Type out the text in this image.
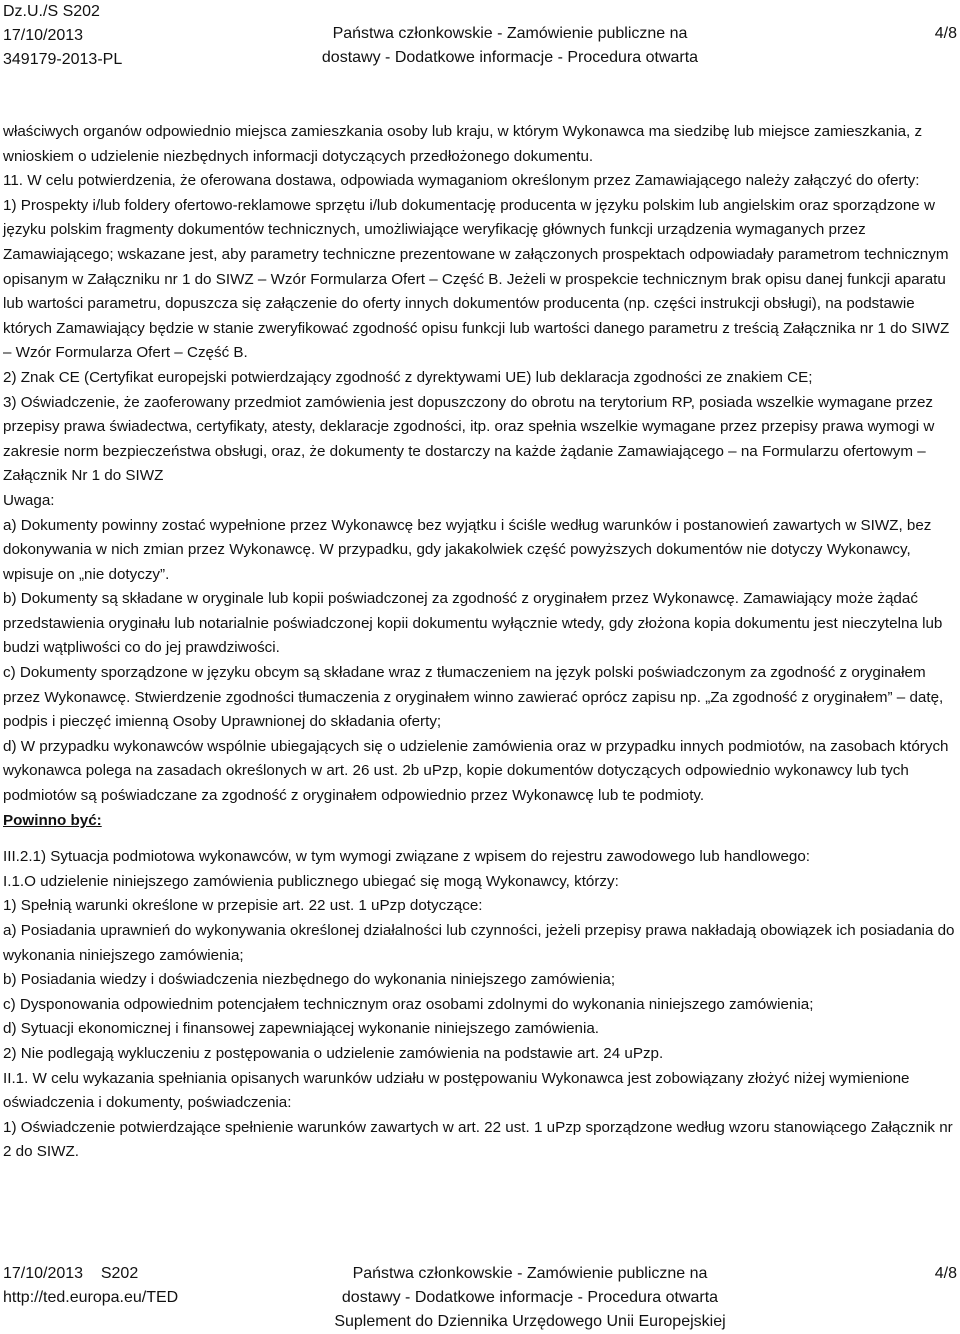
Dz.U./S S202
17/10/2013
349179-2013-PL
Państwa członkowskie - Zamówienie publiczne na
dostawy - Dodatkowe informacje - Procedura otwarta
4/8

właściwych organów odpowiednio miejsca zamieszkania osoby lub kraju, w którym Wykonawca ma siedzibę lub miejsce zamieszkania, z wnioskiem o udzielenie niezbędnych informacji dotyczących przedłożonego dokumentu.

11. W celu potwierdzenia, że oferowana dostawa, odpowiada wymaganiom określonym przez Zamawiającego należy załączyć do oferty:

1) Prospekty i/lub foldery ofertowo-reklamowe sprzętu i/lub dokumentację producenta w języku polskim lub angielskim oraz sporządzone w języku polskim fragmenty dokumentów technicznych, umożliwiające weryfikację głównych funkcji urządzenia wymaganych przez Zamawiającego; wskazane jest, aby parametry techniczne prezentowane w załączonych prospektach odpowiadały parametrom technicznym opisanym w Załączniku nr 1 do SIWZ – Wzór Formularza Ofert – Część B. Jeżeli w prospekcie technicznym brak opisu danej funkcji aparatu lub wartości parametru, dopuszcza się załączenie do oferty innych dokumentów producenta (np. części instrukcji obsługi), na podstawie których Zamawiający będzie w stanie zweryfikować zgodność opisu funkcji lub wartości danego parametru z treścią Załącznika nr 1 do SIWZ – Wzór Formularza Ofert – Część B.

2) Znak CE (Certyfikat europejski potwierdzający zgodność z dyrektywami UE) lub deklaracja zgodności ze znakiem CE;

3) Oświadczenie, że zaoferowany przedmiot zamówienia jest dopuszczony do obrotu na terytorium RP, posiada wszelkie wymagane przez przepisy prawa świadectwa, certyfikaty, atesty, deklaracje zgodności, itp. oraz spełnia wszelkie wymagane przez przepisy prawa wymogi w zakresie norm bezpieczeństwa obsługi, oraz, że dokumenty te dostarczy na każde żądanie Zamawiającego – na Formularzu ofertowym – Załącznik Nr 1 do SIWZ

Uwaga:

a) Dokumenty powinny zostać wypełnione przez Wykonawcę bez wyjątku i ściśle według warunków i postanowień zawartych w SIWZ, bez dokonywania w nich zmian przez Wykonawcę. W przypadku, gdy jakakolwiek część powyższych dokumentów nie dotyczy Wykonawcy, wpisuje on „nie dotyczy”.

b) Dokumenty są składane w oryginale lub kopii poświadczonej za zgodność z oryginałem przez Wykonawcę. Zamawiający może żądać przedstawienia oryginału lub notarialnie poświadczonej kopii dokumentu wyłącznie wtedy, gdy złożona kopia dokumentu jest nieczytelna lub budzi wątpliwości co do jej prawdziwości.

c) Dokumenty sporządzone w języku obcym są składane wraz z tłumaczeniem na język polski poświadczonym za zgodność z oryginałem przez Wykonawcę. Stwierdzenie zgodności tłumaczenia z oryginałem winno zawierać oprócz zapisu np. „Za zgodność z oryginałem” – datę, podpis i pieczęć imienną Osoby Uprawnionej do składania oferty;

d) W przypadku wykonawców wspólnie ubiegających się o udzielenie zamówienia oraz w przypadku innych podmiotów, na zasobach których wykonawca polega na zasadach określonych w art. 26 ust. 2b uPzp, kopie dokumentów dotyczących odpowiednio wykonawcy lub tych podmiotów są poświadczane za zgodność z oryginałem odpowiednio przez Wykonawcę lub te podmioty.

Powinno być:

III.2.1) Sytuacja podmiotowa wykonawców, w tym wymogi związane z wpisem do rejestru zawodowego lub handlowego:

I.1.O udzielenie niniejszego zamówienia publicznego ubiegać się mogą Wykonawcy, którzy:

1) Spełnią warunki określone w przepisie art. 22 ust. 1 uPzp dotyczące:

a) Posiadania uprawnień do wykonywania określonej działalności lub czynności, jeżeli przepisy prawa nakładają obowiązek ich posiadania do wykonania niniejszego zamówienia;

b) Posiadania wiedzy i doświadczenia niezbędnego do wykonania niniejszego zamówienia;

c) Dysponowania odpowiednim potencjałem technicznym oraz osobami zdolnymi do wykonania niniejszego zamówienia;

d) Sytuacji ekonomicznej i finansowej zapewniającej wykonanie niniejszego zamówienia.

2) Nie podlegają wykluczeniu z postępowania o udzielenie zamówienia na podstawie art. 24 uPzp.

II.1. W celu wykazania spełniania opisanych warunków udziału w postępowaniu Wykonawca jest zobowiązany złożyć niżej wymienione oświadczenia i dokumenty, poświadczenia:

1) Oświadczenie potwierdzające spełnienie warunków zawartych w art. 22 ust. 1 uPzp sporządzone według wzoru stanowiącego Załącznik nr 2 do SIWZ.

17/10/2013    S202
http://ted.europa.eu/TED
Państwa członkowskie - Zamówienie publiczne na
dostawy - Dodatkowe informacje - Procedura otwarta
Suplement do Dziennika Urzędowego Unii Europejskiej
4/8
